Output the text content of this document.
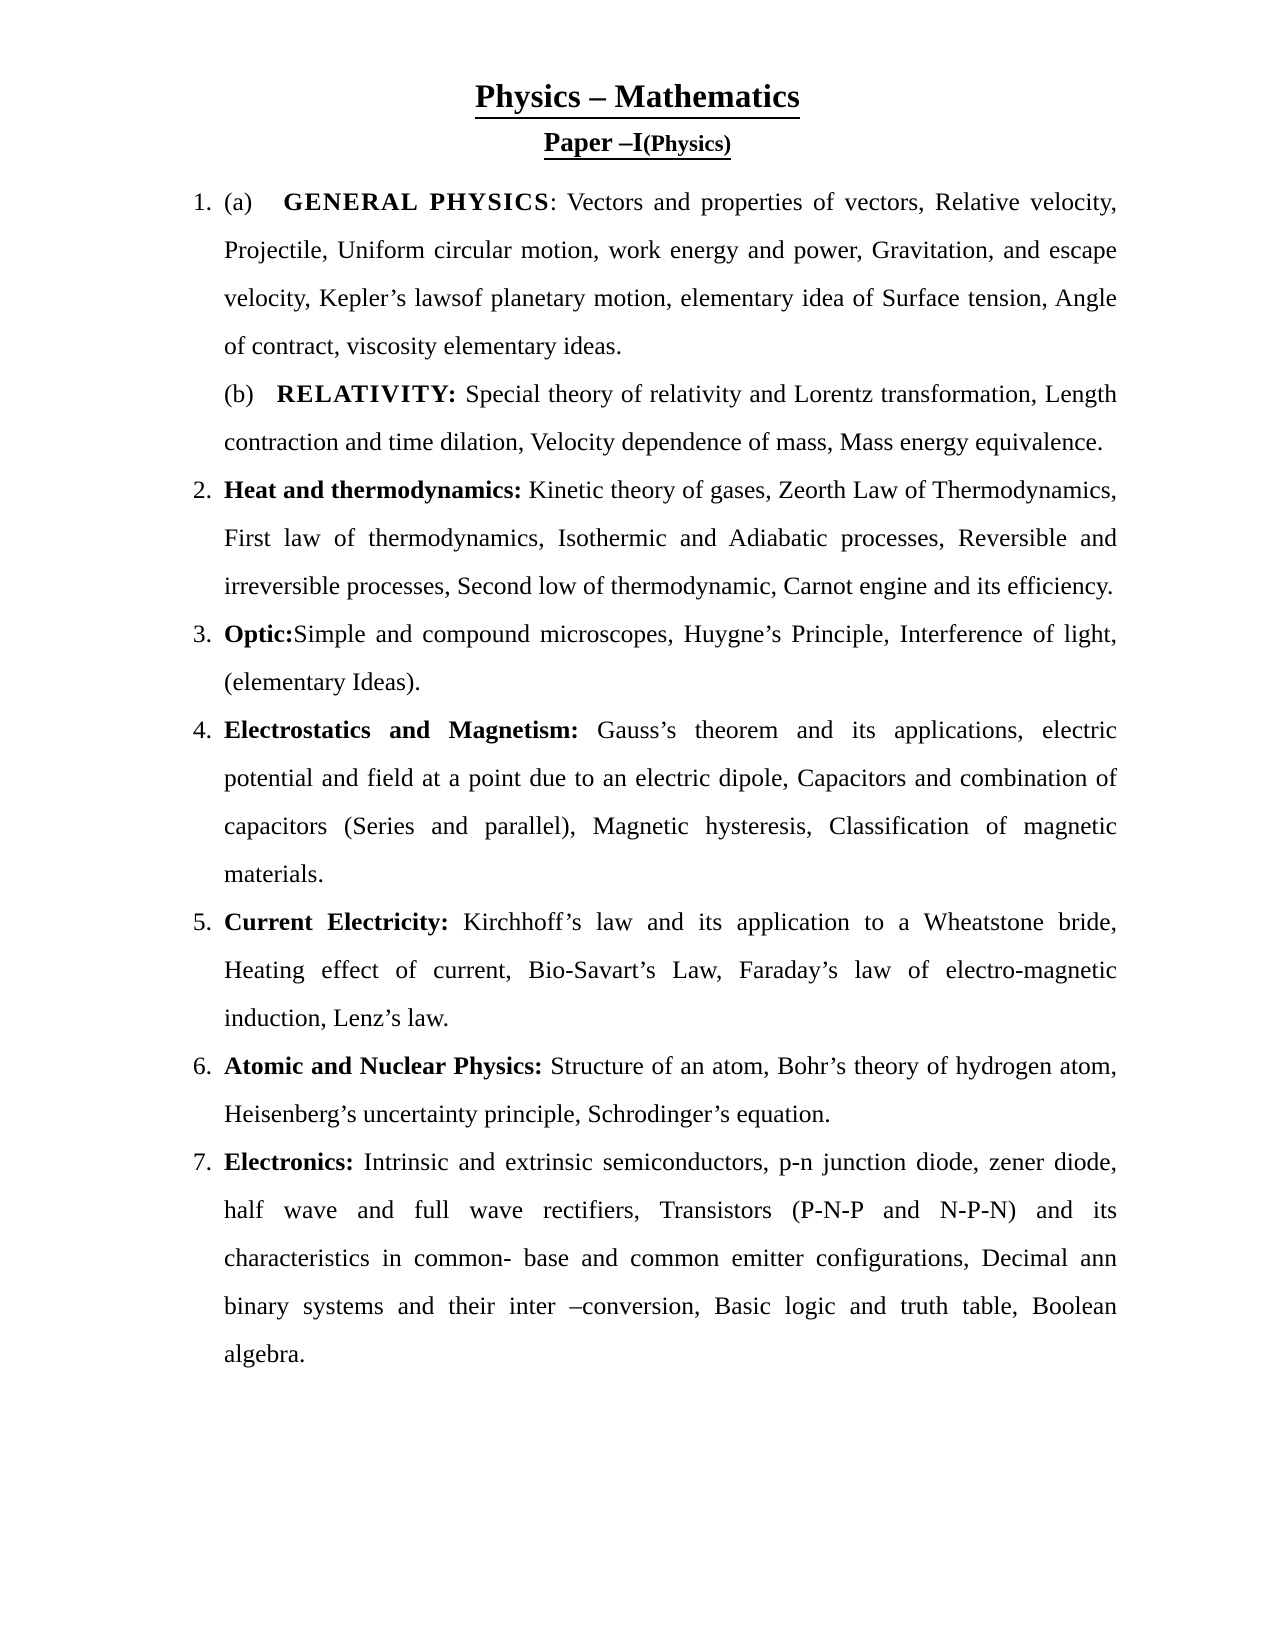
Physics – Mathematics
Paper –I(Physics)
1. (a) GENERAL PHYSICS: Vectors and properties of vectors, Relative velocity, Projectile, Uniform circular motion, work energy and power, Gravitation, and escape velocity, Kepler’s lawsof planetary motion, elementary idea of Surface tension, Angle of contract, viscosity elementary ideas.

(b) RELATIVITY: Special theory of relativity and Lorentz transformation, Length contraction and time dilation, Velocity dependence of mass, Mass energy equivalence.

2. Heat and thermodynamics: Kinetic theory of gases, Zeorth Law of Thermodynamics, First law of thermodynamics, Isothermic and Adiabatic processes, Reversible and irreversible processes, Second low of thermodynamic, Carnot engine and its efficiency.

3. Optic:Simple and compound microscopes, Huygne’s Principle, Interference of light, (elementary Ideas).

4. Electrostatics and Magnetism: Gauss’s theorem and its applications, electric potential and field at a point due to an electric dipole, Capacitors and combination of capacitors (Series and parallel), Magnetic hysteresis, Classification of magnetic materials.

5. Current Electricity: Kirchhoff’s law and its application to a Wheatstone bride, Heating effect of current, Bio-Savart’s Law, Faraday’s law of electro-magnetic induction, Lenz’s law.

6. Atomic and Nuclear Physics: Structure of an atom, Bohr’s theory of hydrogen atom, Heisenberg’s uncertainty principle, Schrodinger’s equation.

7. Electronics: Intrinsic and extrinsic semiconductors, p-n junction diode, zener diode, half wave and full wave rectifiers, Transistors (P-N-P and N-P-N) and its characteristics in common- base and common emitter configurations, Decimal ann binary systems and their inter –conversion, Basic logic and truth table, Boolean algebra.
